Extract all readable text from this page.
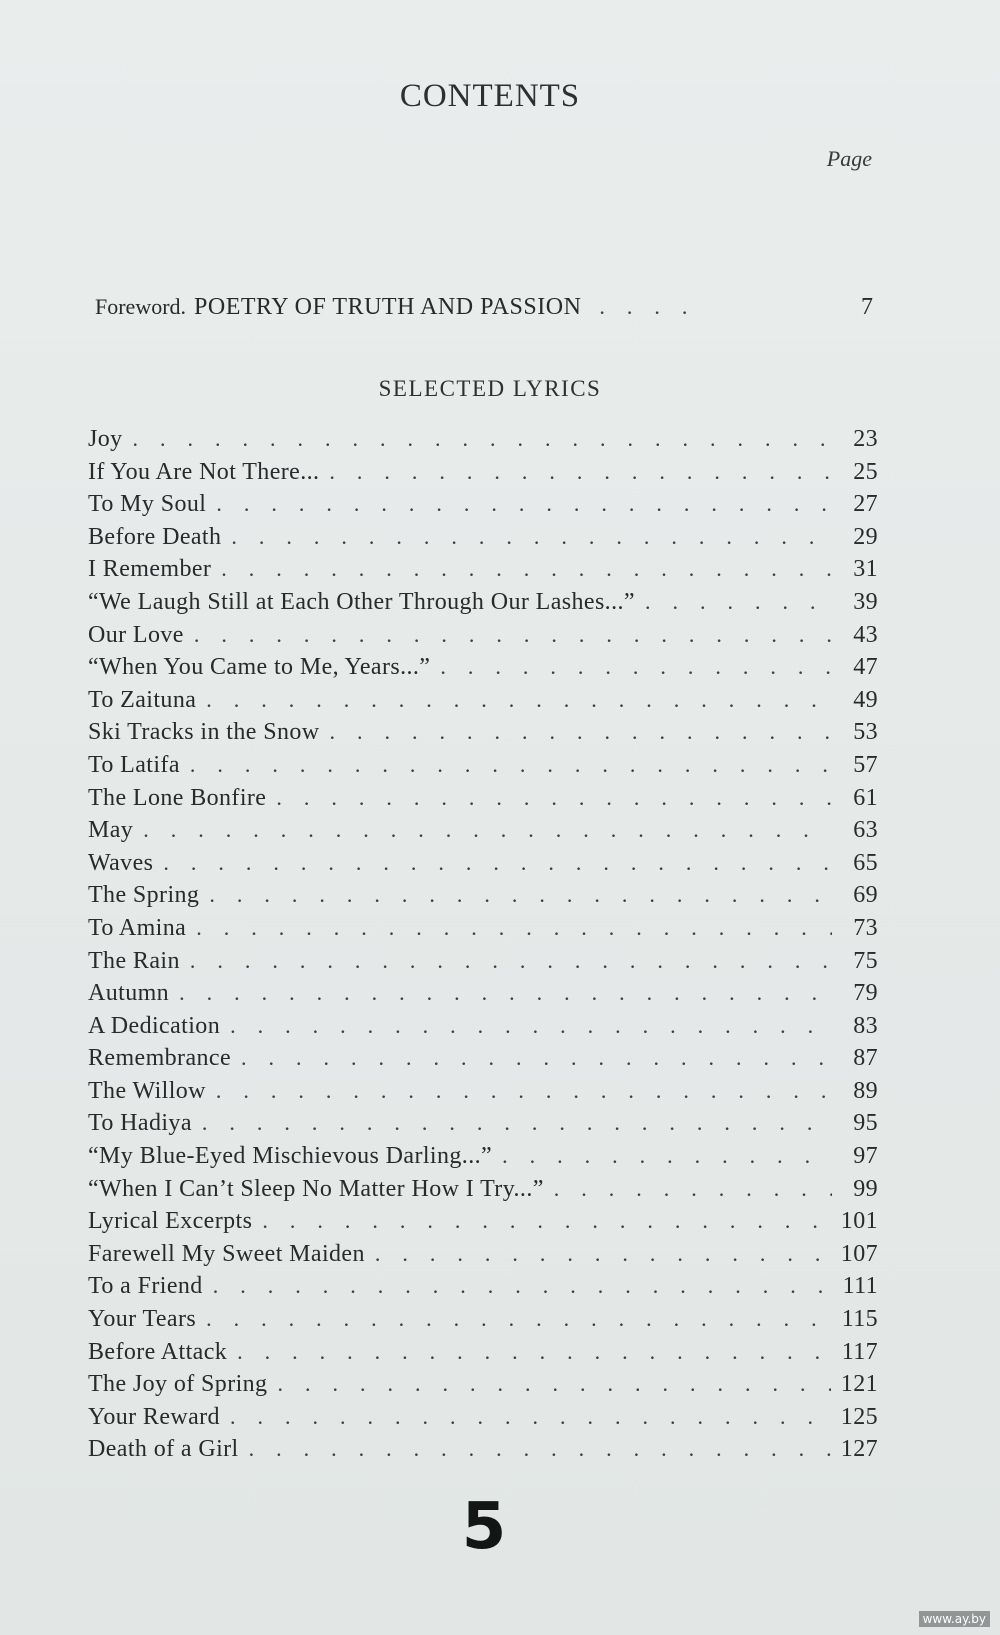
CONTENTS
Page
Foreword. POETRY OF TRUTH AND PASSION .	7
SELECTED LYRICS
Joy .	23
If You Are Not There... .	25
To My Soul .	27
Before Death .	29
I Remember .	31
“We Laugh Still at Each Other Through Our Lashes...” .	39
Our Love .	43
“When You Came to Me, Years...” .	47
To Zaituna .	49
Ski Tracks in the Snow .	53
To Latifa .	57
The Lone Bonfire .	61
May .	63
Waves .	65
The Spring .	69
To Amina .	73
The Rain .	75
Autumn .	79
A Dedication .	83
Remembrance .	87
The Willow .	89
To Hadiya .	95
“My Blue-Eyed Mischievous Darling...” .	97
“When I Can’t Sleep No Matter How I Try...” .	99
Lyrical Excerpts .	101
Farewell My Sweet Maiden .	107
To a Friend .	111
Your Tears .	115
Before Attack .	117
The Joy of Spring .	121
Your Reward .	125
Death of a Girl .	127
5
www.ay.by
